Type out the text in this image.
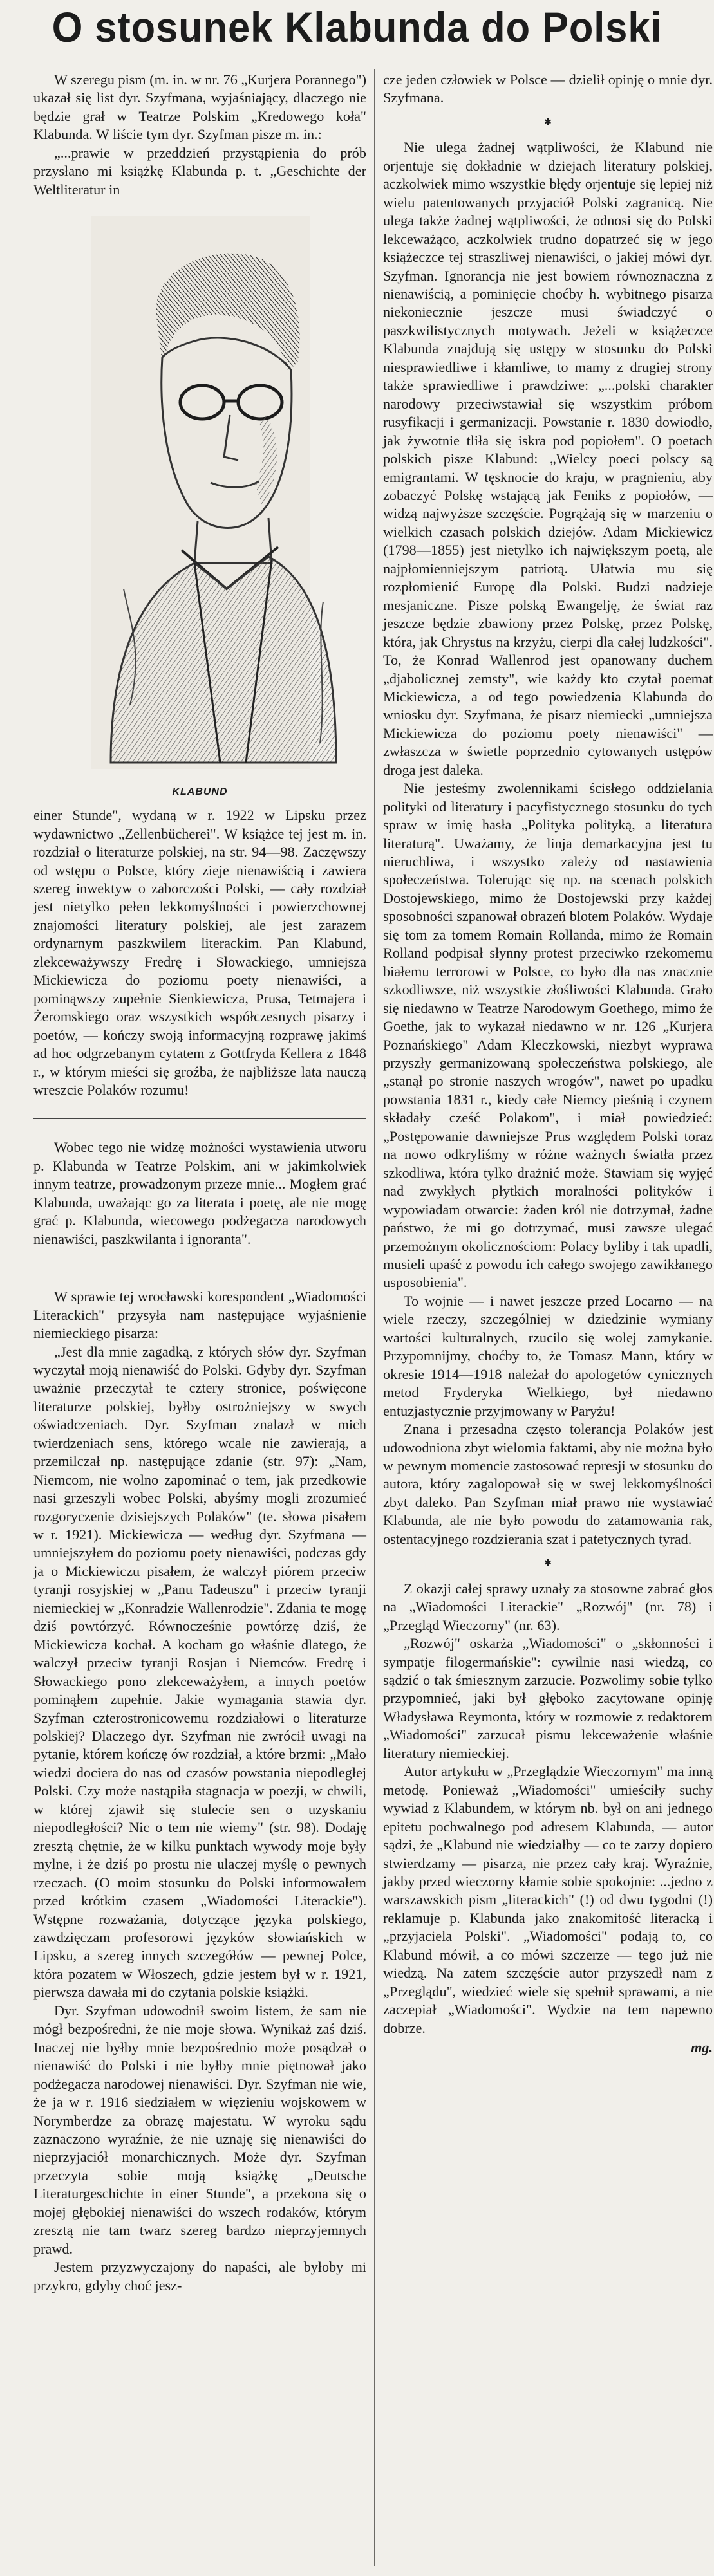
O stosunek Klabunda do Polski

W szeregu pism (m. in. w nr. 76 „Kurjera Porannego") ukazał się list dyr. Szyfmana, wyjaśniający, dlaczego nie będzie grał w Teatrze Polskim „Kredowego koła" Klabunda. W liście tym dyr. Szyfman pisze m. in.:

„...prawie w przeddzień przystąpienia do prób przysłano mi książkę Klabunda p. t. „Geschichte der Weltliteratur in

KLABUND

einer Stunde", wydaną w r. 1922 w Lipsku przez wydawnictwo „Zellenbücherei". W książce tej jest m. in. rozdział o literaturze polskiej, na str. 94—98. Zaczęwszy od wstępu o Polsce, który zieje nienawiścią i zawiera szereg inwektyw o zaborczości Polski, — cały rozdział jest nietylko pełen lekkomyślności i powierzchownej znajomości literatury polskiej, ale jest zarazem ordynarnym paszkwilem literackim. Pan Klabund, zlekceważywszy Fredrę i Słowackiego, umniejsza Mickiewicza do poziomu poety nienawiści, a pominąwszy zupełnie Sienkiewicza, Prusa, Tetmajera i Żeromskiego oraz wszystkich współczesnych pisarzy i poetów, — kończy swoją informacyjną rozprawę jakimś ad hoc odgrzebanym cytatem z Gottfryda Kellera z 1848 r., w którym mieści się groźba, że najbliższe lata nauczą wreszcie Polaków rozumu!

Wobec tego nie widzę możności wystawienia utworu p. Klabunda w Teatrze Polskim, ani w jakimkolwiek innym teatrze, prowadzonym przeze mnie... Mogłem grać Klabunda, uważając go za literata i poetę, ale nie mogę grać p. Klabunda, wiecowego podżegacza narodowych nienawiści, paszkwilanta i ignoranta".

W sprawie tej wrocławski korespondent „Wiadomości Literackich" przysyła nam następujące wyjaśnienie niemieckiego pisarza:

„Jest dla mnie zagadką, z których słów dyr. Szyfman wyczytał moją nienawiść do Polski. Gdyby dyr. Szyfman uważnie przeczytał te cztery stronice, poświęcone literaturze polskiej, byłby ostrożniejszy w swych oświadczeniach. Dyr. Szyfman znalazł w mich twierdzeniach sens, którego wcale nie zawierają, a przemilczał np. następujące zdanie (str. 97): „Nam, Niemcom, nie wolno zapominać o tem, jak przedkowie nasi grzeszyli wobec Polski, abyśmy mogli zrozumieć rozgoryczenie dzisiejszych Polaków" (te. słowa pisałem w r. 1921). Mickiewicza — według dyr. Szyfmana — umniejszyłem do poziomu poety nienawiści, podczas gdy ja o Mickiewiczu pisałem, że walczył piórem przeciw tyranji rosyjskiej w „Panu Tadeuszu" i przeciw tyranji niemieckiej w „Konradzie Wallenrodzie". Zdania te mogę dziś powtórzyć. Równocześnie powtórzę dziś, że Mickiewicza kochał. A kocham go właśnie dlatego, że walczył przeciw tyranji Rosjan i Niemców. Fredrę i Słowackiego pono zlekceważyłem, a innych poetów pominąłem zupełnie. Jakie wymagania stawia dyr. Szyfman czterostronicowemu rozdziałowi o literaturze polskiej? Dlaczego dyr. Szyfman nie zwrócił uwagi na pytanie, którem kończę ów rozdział, a które brzmi: „Mało wiedzi dociera do nas od czasów powstania niepodległej Polski. Czy może nastąpiła stagnacja w poezji, w chwili, w której zjawił się stulecie sen o uzyskaniu niepodległości? Nic o tem nie wiemy" (str. 98). Dodaję zresztą chętnie, że w kilku punktach wywody moje były mylne, i że dziś po prostu nie ulaczej myślę o pewnych rzeczach. (O moim stosunku do Polski informowałem przed krótkim czasem „Wiadomości Literackie"). Wstępne rozważania, dotyczące języka polskiego, zawdzięczam profesorowi języków słowiańskich w Lipsku, a szereg innych szczegółów — pewnej Polce, która pozatem w Włoszech, gdzie jestem był w r. 1921, pierwsza dawała mi do czytania polskie książki.

Dyr. Szyfman udowodnił swoim listem, że sam nie mógł bezpośredni, że nie moje słowa. Wynikaż zaś dziś. Inaczej nie byłby mnie bezpośrednio może posądzał o nienawiść do Polski i nie byłby mnie piętnował jako podżegacza narodowej nienawiści. Dyr. Szyfman nie wie, że ja w r. 1916 siedziałem w więzieniu wojskowem w Norymberdze za obrazę majestatu. W wyroku sądu zaznaczono wyraźnie, że nie uznaję się nienawiści do nieprzyjaciół monarchicznych. Może dyr. Szyfman przeczyta sobie moją książkę „Deutsche Literaturgeschichte in einer Stunde", a przekona się o mojej głębokiej nienawiści do wszech rodaków, którym zresztą nie tam twarz szereg bardzo nieprzyjemnych prawd.

Jestem przyzwyczajony do napaści, ale byłoby mi przykro, gdyby choć jesz-

cze jeden człowiek w Polsce — dzielił opinję o mnie dyr. Szyfmana.

✱

Nie ulega żadnej wątpliwości, że Klabund nie orjentuje się dokładnie w dziejach literatury polskiej, aczkolwiek mimo wszystkie błędy orjentuje się lepiej niż wielu patentowanych przyjaciół Polski zagranicą. Nie ulega także żadnej wątpliwości, że odnosi się do Polski lekceważąco, aczkolwiek trudno dopatrzeć się w jego książeczce tej straszliwej nienawiści, o jakiej mówi dyr. Szyfman. Ignorancja nie jest bowiem równoznaczna z nienawiścią, a pominięcie choćby h. wybitnego pisarza niekoniecznie jeszcze musi świadczyć o paszkwilistycznych motywach. Jeżeli w książeczce Klabunda znajdują się ustępy w stosunku do Polski niesprawiedliwe i kłamliwe, to mamy z drugiej strony także sprawiedliwe i prawdziwe: „...polski charakter narodowy przeciwstawiał się wszystkim próbom rusyfikacji i germanizacji. Powstanie r. 1830 dowiodło, jak żywotnie tliła się iskra pod popiołem". O poetach polskich pisze Klabund: „Wielcy poeci polscy są emigrantami. W tęsknocie do kraju, w pragnieniu, aby zobaczyć Polskę wstającą jak Feniks z popiołów, — widzą najwyższe szczęście. Pogrążają się w marzeniu o wielkich czasach polskich dziejów. Adam Mickiewicz (1798—1855) jest nietylko ich największym poetą, ale najpłomienniejszym patriotą. Ułatwia mu się rozpłomienić Europę dla Polski. Budzi nadzieje mesjaniczne. Pisze polską Ewangelję, że świat raz jeszcze będzie zbawiony przez Polskę, przez Polskę, która, jak Chrystus na krzyżu, cierpi dla całej ludzkości". To, że Konrad Wallenrod jest opanowany duchem „djabolicznej zemsty", wie każdy kto czytał poemat Mickiewicza, a od tego powiedzenia Klabunda do wniosku dyr. Szyfmana, że pisarz niemiecki „umniejsza Mickiewicza do poziomu poety nienawiści" — zwłaszcza w świetle poprzednio cytowanych ustępów droga jest daleka.

Nie jesteśmy zwolennikami ścisłego oddzielania polityki od literatury i pacyfistycznego stosunku do tych spraw w imię hasła „Polityka polityką, a literatura literaturą". Uważamy, że linja demarkacyjna jest tu nieruchliwa, i wszystko zależy od nastawienia społeczeństwa. Tolerując się np. na scenach polskich Dostojewskiego, mimo że Dostojewski przy każdej sposobności szpanował obrazeń blotem Polaków. Wydaje się tom za tomem Romain Rollanda, mimo że Romain Rolland podpisał słynny protest przeciwko rzekomemu białemu terrorowi w Polsce, co było dla nas znacznie szkodliwsze, niż wszystkie złośliwości Klabunda. Grało się niedawno w Teatrze Narodowym Goethego, mimo że Goethe, jak to wykazał niedawno w nr. 126 „Kurjera Poznańskiego" Adam Kleczkowski, niezbyt wyprawa przyszły germanizowaną społeczeństwa polskiego, ale „stanął po stronie naszych wrogów", nawet po upadku powstania 1831 r., kiedy całe Niemcy pieśnią i czynem składały cześć Polakom", i miał powiedzieć: „Postępowanie dawniejsze Prus względem Polski toraz na nowo odkryliśmy w różne ważnych światła przez szkodliwa, która tylko drażnić może. Stawiam się wyjęć nad zwykłych płytkich moralności polityków i wypowiadam otwarcie: żaden król nie dotrzymał, żadne państwo, że mi go dotrzymać, musi zawsze ulegać przemożnym okolicznościom: Polacy byliby i tak upadli, musieli upaść z powodu ich całego swojego zawikłanego usposobienia".

To wojnie — i nawet jeszcze przed Locarno — na wiele rzeczy, szczególniej w dziedzinie wymiany wartości kulturalnych, rzucilo się wolej zamykanie. Przypomnijmy, choćby to, że Tomasz Mann, który w okresie 1914—1918 należał do apologetów cynicznych metod Fryderyka Wielkiego, był niedawno entuzjastycznie przyjmowany w Paryżu!

Znana i przesadna często tolerancja Polaków jest udowodniona zbyt wielomia faktami, aby nie można było w pewnym momencie zastosować represji w stosunku do autora, który zagalopował się w swej lekkomyślności zbyt daleko. Pan Szyfman miał prawo nie wystawiać Klabunda, ale nie było powodu do zatamowania rak, ostentacyjnego rozdzierania szat i patetycznych tyrad.

✱

Z okazji całej sprawy uznały za stosowne zabrać głos na „Wiadomości Literackie" „Rozwój" (nr. 78) i „Przegląd Wieczorny" (nr. 63).

„Rozwój" oskarża „Wiadomości" o „skłonności i sympatje filogermańskie": cywilnie nasi wiedzą, co sądzić o tak śmiesznym zarzucie. Pozwolimy sobie tylko przypomnieć, jaki był głęboko zacytowane opinję Władysława Reymonta, który w rozmowie z redaktorem „Wiadomości" zarzucał pismu lekceważenie właśnie literatury niemieckiej.

Autor artykułu w „Przeglądzie Wieczornym" ma inną metodę. Ponieważ „Wiadomości" umieściły suchy wywiad z Klabundem, w którym nb. był on ani jednego epitetu pochwalnego pod adresem Klabunda, — autor sądzi, że „Klabund nie wiedziałby — co te zarzy dopiero stwierdzamy — pisarza, nie przez cały kraj. Wyraźnie, jakby przed wieczorny kłamie sobie spokojnie: ...jedno z warszawskich pism „literackich" (!) od dwu tygodni (!) reklamuje p. Klabunda jako znakomitość literacką i „przyjaciela Polski". „Wiadomości" podają to, co Klabund mówił, a co mówi szczerze — tego już nie wiedzą. Na zatem szczęście autor przyszedł nam z „Przeglądu", wiedzieć wiele się spełnił sprawami, a nie zaczepiał „Wiadomości". Wydzie na tem napewno dobrze.

mg.
